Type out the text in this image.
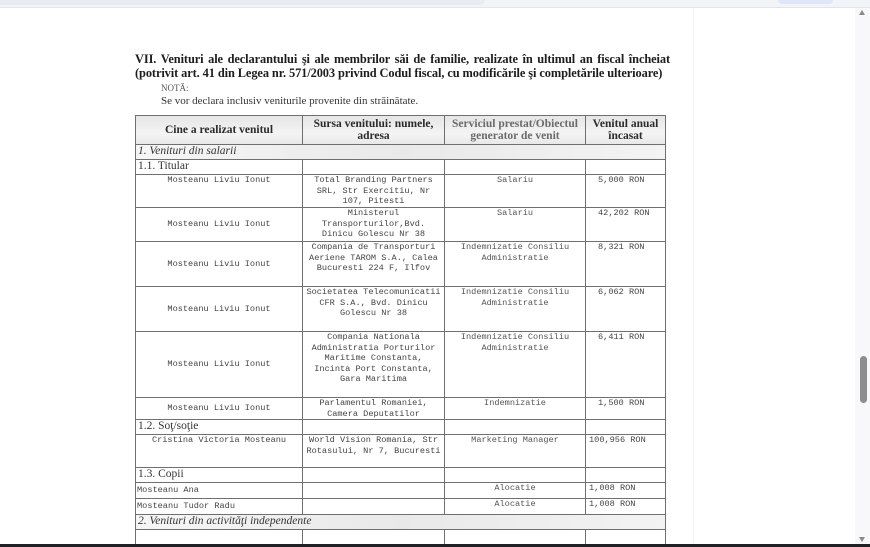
VII. Venituri ale declarantului şi ale membrilor săi de familie, realizate în ultimul an fiscal încheiat
(potrivit art. 41 din Legea nr. 571/2003 privind Codul fiscal, cu modificările şi completările ulterioare)
NOTĂ:
Se vor declara inclusiv veniturile provenite din străinătate.
Cine a realizat venitul	Sursa venitului: numele, adresa	Serviciul prestat/Obiectul generator de venit	Venitul anual încasat
1. Venituri din salarii			
1.1. Titular			
Mosteanu Liviu Ionut	Total Branding Partners SRL, Str Exercitiu, Nr 107, Pitesti	Salariu	5,000 RON
Mosteanu Liviu Ionut	Ministerul Transporturilor,Bvd. Dinicu Golescu Nr 38	Salariu	42,202 RON
Mosteanu Liviu Ionut	Compania de Transporturi Aeriene TAROM S.A., Calea Bucuresti 224 F, Ilfov	Indemnizatie Consiliu Administratie	8,321 RON
Mosteanu Liviu Ionut	Societatea Telecomunicatii CFR S.A., Bvd. Dinicu Golescu Nr 38	Indemnizatie Consiliu Administratie	6,062 RON
Mosteanu Liviu Ionut	Compania Nationala Administratia Porturilor Maritime Constanta, Incinta Port Constanta, Gara Maritima	Indemnizatie Consiliu Administratie	6,411 RON
Mosteanu Liviu Ionut	Parlamentul Romaniei, Camera Deputatilor	Indemnizatie	1,500 RON
1.2. Soţ/soţie			
Cristina Victoria Mosteanu	World Vision Romania, Str Rotasului, Nr 7, Bucuresti	Marketing Manager	100,956 RON
1.3. Copii			
Mosteanu Ana		Alocatie	1,008 RON
Mosteanu Tudor Radu		Alocatie	1,008 RON
2. Venituri din activităţi independente			
